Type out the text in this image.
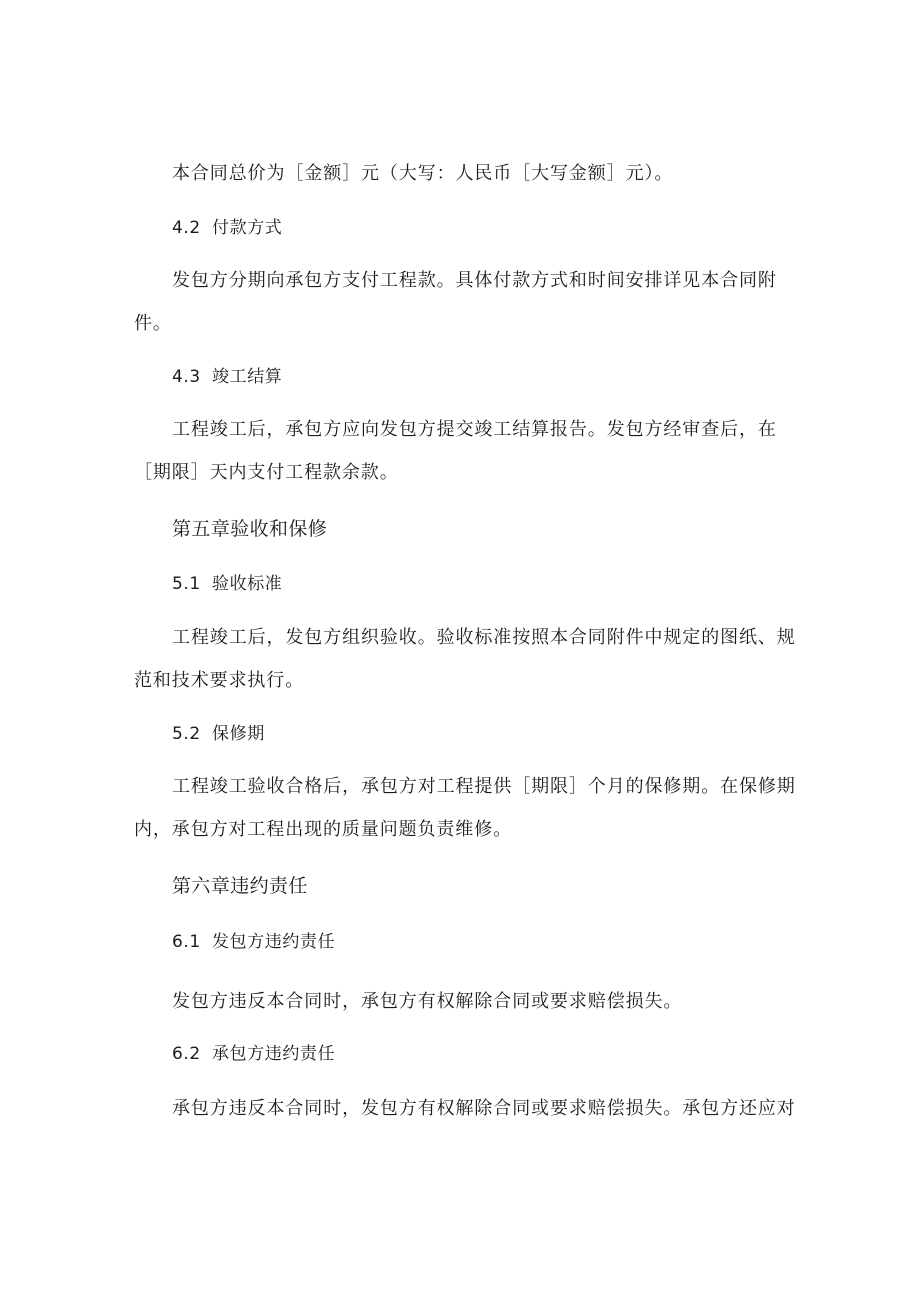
本合同总价为［金额］元（大写：人民币［大写金额］元）。
4.2 付款方式
发包方分期向承包方支付工程款。具体付款方式和时间安排详见本合同附
件。
4.3 竣工结算
工程竣工后，承包方应向发包方提交竣工结算报告。发包方经审查后，在
［期限］天内支付工程款余款。
第五章验收和保修
5.1 验收标准
工程竣工后，发包方组织验收。验收标准按照本合同附件中规定的图纸、规
范和技术要求执行。
5.2 保修期
工程竣工验收合格后，承包方对工程提供［期限］个月的保修期。在保修期
内，承包方对工程出现的质量问题负责维修。
第六章违约责任
6.1 发包方违约责任
发包方违反本合同时，承包方有权解除合同或要求赔偿损失。
6.2 承包方违约责任
承包方违反本合同时，发包方有权解除合同或要求赔偿损失。承包方还应对
